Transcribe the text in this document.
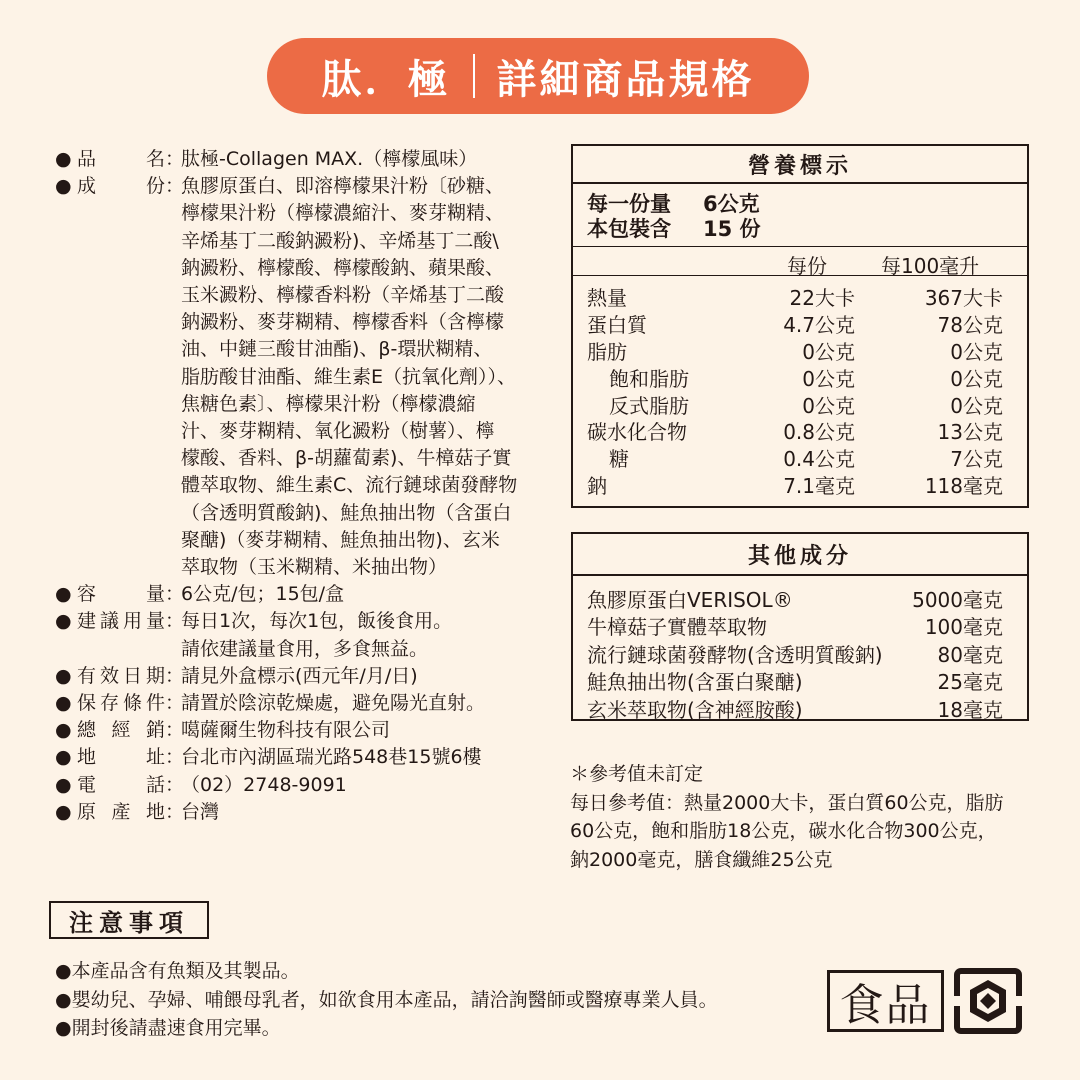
肽．極 詳細商品規格
● 品	名 ：
肽極-Collagen MAX.（檸檬風味）
● 成	份 ：
魚膠原蛋白、即溶檸檬果汁粉〔砂糖、
檸檬果汁粉（檸檬濃縮汁、麥芽糊精、
辛烯基丁二酸鈉澱粉)、辛烯基丁二酸\
鈉澱粉、檸檬酸、檸檬酸鈉、蘋果酸、
玉米澱粉、檸檬香料粉（辛烯基丁二酸
鈉澱粉、麥芽糊精、檸檬香料（含檸檬
油、中鏈三酸甘油酯)、β-環狀糊精、
脂肪酸甘油酯、維生素E（抗氧化劑））、
焦糖色素〕、檸檬果汁粉（檸檬濃縮
汁、麥芽糊精、氧化澱粉（樹薯）、檸
檬酸、香料、β-胡蘿蔔素)、牛樟菇子實
體萃取物、維生素C、流行鏈球菌發酵物
（含透明質酸鈉)、鮭魚抽出物（含蛋白
聚醣)（麥芽糊精、鮭魚抽出物)、玄米
萃取物（玉米糊精、米抽出物）
● 容	量 ：
6公克/包；15包/盒
● 建 議 用 量 ：
每日1次，每次1包，飯後食用。
請依建議量食用，多食無益。
● 有 效 日 期 ：
請見外盒標示(西元年/月/日)
● 保 存 條 件 ：
請置於陰涼乾燥處，避免陽光直射。
● 總 經 銷 ：
噶薩爾生物科技有限公司
● 地	址 ：
台北市內湖區瑞光路548巷15號6樓
● 電	話 ：
（02）2748-9091
● 原 產 地 ：
台灣
營養標示
每一份量	6公克
本包裝含	15 份
每份	每100毫升
熱量	22大卡	367大卡
蛋白質	4.7公克	78公克
脂肪	0公克	0公克
飽和脂肪	0公克	0公克
反式脂肪	0公克	0公克
碳水化合物	0.8公克	13公克
糖	0.4公克	7公克
鈉	7.1毫克	118毫克
其他成分
魚膠原蛋白VERISOL®	5000毫克
牛樟菇子實體萃取物	100毫克
流行鏈球菌發酵物(含透明質酸鈉)	80毫克
鮭魚抽出物(含蛋白聚醣)	25毫克
玄米萃取物(含神經胺酸)	18毫克
＊參考值未訂定
每日參考值：熱量2000大卡，蛋白質60公克，脂肪
60公克，飽和脂肪18公克，碳水化合物300公克，
鈉2000毫克，膳食纖維25公克
注意事項
●本產品含有魚類及其製品。
●嬰幼兒、孕婦、哺餵母乳者，如欲食用本產品，請洽詢醫師或醫療專業人員。
●開封後請盡速食用完畢。	食品
